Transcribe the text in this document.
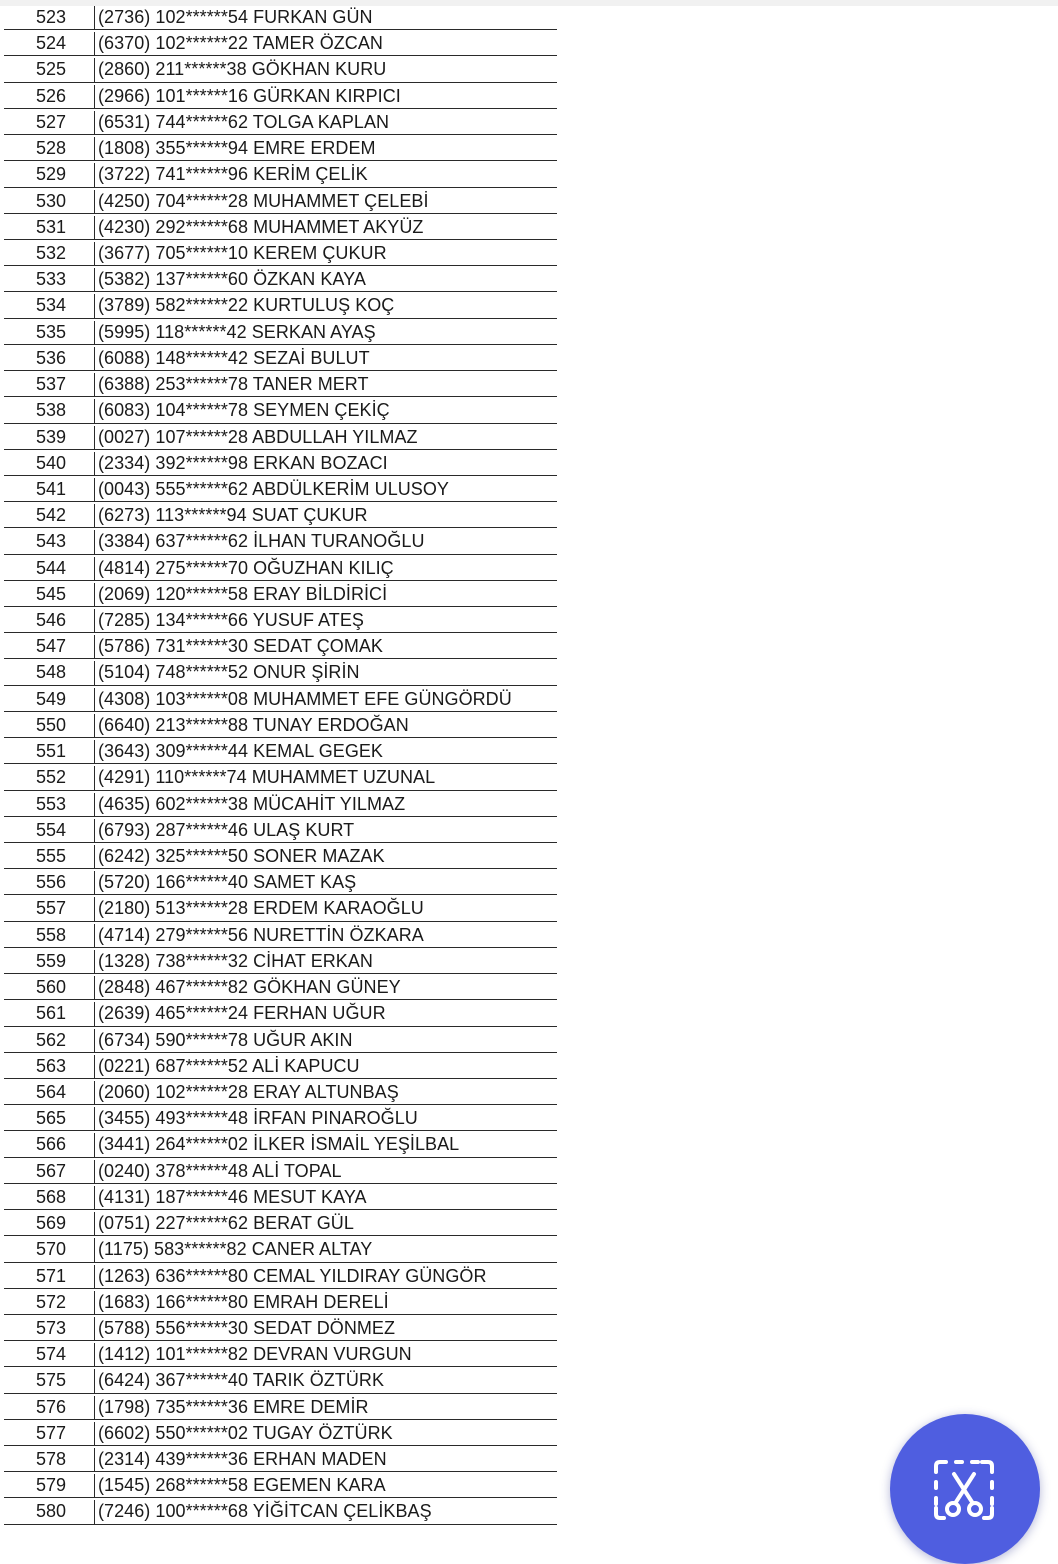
523	(2736) 102******54 FURKAN GÜN
524	(6370) 102******22 TAMER ÖZCAN
525	(2860) 211******38 GÖKHAN KURU
526	(2966) 101******16 GÜRKAN KIRPICI
527	(6531) 744******62 TOLGA KAPLAN
528	(1808) 355******94 EMRE ERDEM
529	(3722) 741******96 KERİM ÇELİK
530	(4250) 704******28 MUHAMMET ÇELEBİ
531	(4230) 292******68 MUHAMMET AKYÜZ
532	(3677) 705******10 KEREM ÇUKUR
533	(5382) 137******60 ÖZKAN KAYA
534	(3789) 582******22 KURTULUŞ KOÇ
535	(5995) 118******42 SERKAN AYAŞ
536	(6088) 148******42 SEZAİ BULUT
537	(6388) 253******78 TANER MERT
538	(6083) 104******78 SEYMEN ÇEKİÇ
539	(0027) 107******28 ABDULLAH YILMAZ
540	(2334) 392******98 ERKAN BOZACI
541	(0043) 555******62 ABDÜLKERİM ULUSOY
542	(6273) 113******94 SUAT ÇUKUR
543	(3384) 637******62 İLHAN TURANOĞLU
544	(4814) 275******70 OĞUZHAN KILIÇ
545	(2069) 120******58 ERAY BİLDİRİCİ
546	(7285) 134******66 YUSUF ATEŞ
547	(5786) 731******30 SEDAT ÇOMAK
548	(5104) 748******52 ONUR ŞİRİN
549	(4308) 103******08 MUHAMMET EFE GÜNGÖRDÜ
550	(6640) 213******88 TUNAY ERDOĞAN
551	(3643) 309******44 KEMAL GEGEK
552	(4291) 110******74 MUHAMMET UZUNAL
553	(4635) 602******38 MÜCAHİT YILMAZ
554	(6793) 287******46 ULAŞ KURT
555	(6242) 325******50 SONER MAZAK
556	(5720) 166******40 SAMET KAŞ
557	(2180) 513******28 ERDEM KARAOĞLU
558	(4714) 279******56 NURETTİN ÖZKARA
559	(1328) 738******32 CİHAT ERKAN
560	(2848) 467******82 GÖKHAN GÜNEY
561	(2639) 465******24 FERHAN UĞUR
562	(6734) 590******78 UĞUR AKIN
563	(0221) 687******52 ALİ KAPUCU
564	(2060) 102******28 ERAY ALTUNBAŞ
565	(3455) 493******48 İRFAN PINAROĞLU
566	(3441) 264******02 İLKER İSMAİL YEŞİLBAL
567	(0240) 378******48 ALİ TOPAL
568	(4131) 187******46 MESUT KAYA
569	(0751) 227******62 BERAT GÜL
570	(1175) 583******82 CANER ALTAY
571	(1263) 636******80 CEMAL YILDIRAY GÜNGÖR
572	(1683) 166******80 EMRAH DERELİ
573	(5788) 556******30 SEDAT DÖNMEZ
574	(1412) 101******82 DEVRAN VURGUN
575	(6424) 367******40 TARIK ÖZTÜRK
576	(1798) 735******36 EMRE DEMİR
577	(6602) 550******02 TUGAY ÖZTÜRK
578	(2314) 439******36 ERHAN MADEN
579	(1545) 268******58 EGEMEN KARA
580	(7246) 100******68 YİĞİTCAN ÇELİKBAŞ
